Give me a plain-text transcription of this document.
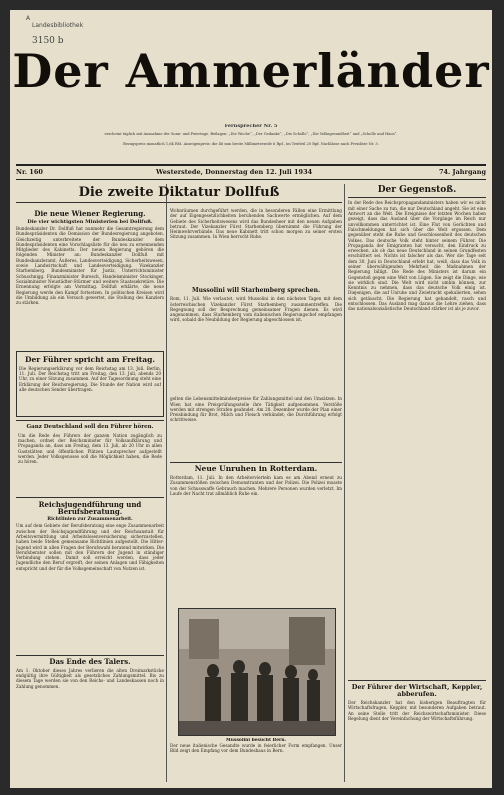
A
Landesbibliothek
3150 b
Der Ammerländer
Fernsprecher Nr. 5
erscheint täglich mit Ausnahme der Sonn- und Feiertage. Beilagen: „Die Woche“, „Der Gedanke“, „Die Scholle“, „Die Volksgesundheit“ und „Scholle und Haus“.
Bezugspreis monatlich 1,64 RM. Anzeigenpreis: die 46 mm breite Millimeterzeile 6 Rpf., im Textteil 20 Rpf. Nachlässe nach Preisliste Nr. 3.
Nr. 160	Westerstede, Donnerstag den 12. Juli 1934	74. Jahrgang
Die zweite Diktatur Dollfuß
Die neue Wiener Regierung.
Die vier wichtigsten Ministerien bei Dollfuß.
Bundeskanzler Dr. Dollfuß hat nunmehr die Gesamtregierung dem Bundespräsidenten die Demission der Bundesregierung angeboten. Gleichzeitig unterbreitete der Bundeskanzler dem Bundespräsidenten eine Vorschlagsliste für die neu zu ernennenden Mitglieder des Kabinetts. Der neuen Regierung gehören die folgenden Minister an: Bundeskanzler Dollfuß mit Bundeskanzleramt, Äußeres, Landesverteidigung, Sicherheitswesen, sowie Landwirtschaft und Landesverteidigung. Vizekanzler Starhemberg. Bundesminister für Justiz, Unterrichtsminister Schuschnigg. Finanzminister Buresch, Handelsminister Stockinger, Sozialminister Neustädter-Stürmer und weitere Staatssekretäre. Die Ernennung erfolgte am Vormittag. Dollfuß erklärte, die neue Regierung werde den Kampf fortsetzen. In politischen Kreisen wird die Umbildung als ein Versuch gewertet, die Stellung des Kanzlers zu stärken.
Der Führer spricht am Freitag.
Die Regierungserklärung vor dem Reichstag am 13. Juli. Berlin, 11. Juli. Der Reichstag tritt am Freitag, den 13. Juli, abends 20 Uhr, zu einer Sitzung zusammen. Auf der Tagesordnung steht eine Erklärung der Reichsregierung. Die Stunde der Nation wird auf alle deutschen Sender übertragen.
Ganz Deutschland soll den Führer hören.
Um die Rede des Führers der ganzen Nation zugänglich zu machen, ordnet der Reichsminister für Volksaufklärung und Propaganda an, dass am Freitag, dem 13. Juli, ab 20 Uhr in allen Gaststätten und öffentlichen Plätzen Lautsprecher aufgestellt werden. Jeder Volksgenosse soll die Möglichkeit haben, die Rede zu hören.
Reichsjugendführung und Berufsberatung.
Richtlinien zur Zusammenarbeit.
Um auf dem Gebiete der Berufsberatung eine enge Zusammenarbeit zwischen der Reichsjugendführung und der Reichsanstalt für Arbeitsvermittlung und Arbeitslosenversicherung sicherzustellen, haben beide Stellen gemeinsame Richtlinien aufgestellt. Die Hitler-Jugend wird in allen Fragen der Berufswahl beratend mitwirken. Die Berufsberater sollen mit den Führern der Jugend in ständiger Verbindung stehen. Damit soll erreicht werden, dass jeder Jugendliche den Beruf ergreift, der seinen Anlagen und Fähigkeiten entspricht und der für die Volksgemeinschaft von Nutzen ist.
Das Ende des Talers.
Am 1. Oktober dieses Jahres verlieren die alten Dreimarkstücke endgültig ihre Gültigkeit als gesetzliches Zahlungsmittel. Bis zu diesem Tage werden sie von den Reichs- und Landeskassen noch in Zahlung genommen.
Wohnräumen durchgeführt werden, die in besonderen Fällen eine Ermittlung der auf Eigengesetzlichkeiten beruhenden Sachwerte ermöglichen. Auf dem Gebiete des Sicherheitswesens wird das Bundesheer mit den neuen Aufgaben betraut. Der Vizekanzler Fürst Starhemberg übernimmt die Führung der Heimwehrverbände. Das neue Kabinett tritt schon morgen zu seiner ersten Sitzung zusammen. In Wien herrscht Ruhe.
Mussolini will Starhemberg sprechen.
Rom, 11. Juli. Wie verlautet, wird Mussolini in den nächsten Tagen mit dem österreichischen Vizekanzler Fürst Starhemberg zusammentreffen. Die Begegnung soll der Besprechung gemeinsamer Fragen dienen. Es wird angenommen, dass Starhemberg vom italienischen Regierungschef empfangen wird, sobald die Neubildung der Regierung abgeschlossen ist.
gelten die Lebensmittelmindestpreise für Zahlungsmittel und den Umsätzen. In Wien hat eine Preisprüfungsstelle ihre Tätigkeit aufgenommen. Verstöße werden mit strengen Strafen geahndet. Am 28. Dezember wurde der Plan einer Preisbindung für Brot, Milch und Fleisch verkündet; die Durchführung erfolgt schrittweise.
Neue Unruhen in Rotterdam.
Rotterdam, 11. Juli. In den Arbeitervierteln kam es am Abend erneut zu Zusammenstößen zwischen Demonstranten und der Polizei. Die Polizei musste von der Schusswaffe Gebrauch machen. Mehrere Personen wurden verletzt. Im Laufe der Nacht trat allmählich Ruhe ein.
Mussolini besucht Bern.
Der neue italienische Gesandte wurde in feierlicher Form empfangen. Unser Bild zeigt den Empfang vor dem Bundeshaus in Bern.
Der Gegenstoß.
In der Rede des Reichspropagandaministers haben wir es nicht mit einer Sache zu tun, die nur Deutschland angeht. Sie ist eine Antwort an die Welt. Die Ereignisse der letzten Wochen haben gezeigt, dass das Ausland über die Vorgänge im Reich nur unvollkommen unterrichtet ist. Eine Flut von Gerüchten und Falschmeldungen hat sich über die Welt ergossen. Dem gegenüber steht die Ruhe und Geschlossenheit des deutschen Volkes. Das deutsche Volk steht hinter seinem Führer. Die Propaganda der Emigranten hat versucht, den Eindruck zu erwecken, als ob das neue Deutschland in seinen Grundfesten erschüttert sei. Nichts ist falscher als das. Wer die Tage seit dem 30. Juni in Deutschland erlebt hat, weiß, dass das Volk in seiner überwältigenden Mehrheit die Maßnahmen der Regierung billigt. Die Rede des Ministers ist darum ein Gegenstoß gegen eine Welt von Lügen. Sie zeigt die Dinge, wie sie wirklich sind. Die Welt wird nicht umhin können, zur Kenntnis zu nehmen, dass das deutsche Volk einig ist. Diejenigen, die auf Unruhe und Zwietracht spekulierten, sehen sich getäuscht. Die Regierung hat gehandelt, rasch und entschlossen. Das Ausland mag daraus die Lehre ziehen, dass das nationalsozialistische Deutschland stärker ist als je zuvor.
Der Führer der Wirtschaft, Keppler, abberufen.
Der Reichskanzler hat den bisherigen Beauftragten für Wirtschaftsfragen, Keppler, mit besonderen Aufgaben betraut. An seine Stelle tritt der Reichswirtschaftsminister. Diese Regelung dient der Vereinfachung der Wirtschaftsführung.
